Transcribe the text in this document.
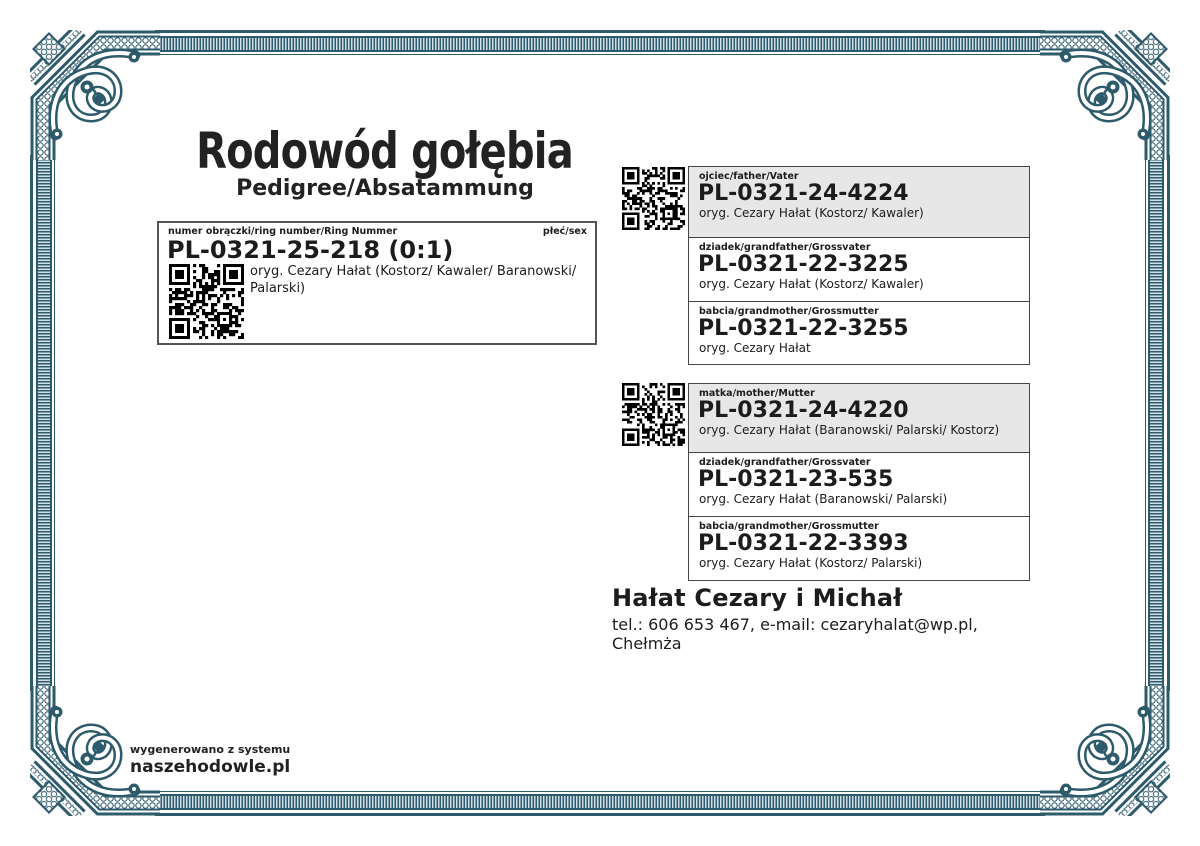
Rodowód gołębia
Pedigree/Absatammung
numer obrączki/ring number/Ring Nummer	płeć/sex
PL-0321-25-218 (0:1)
oryg. Cezary Hałat (Kostorz/ Kawaler/ Baranowski/ Palarski)
ojciec/father/Vater
PL-0321-24-4224
oryg. Cezary Hałat (Kostorz/ Kawaler)
dziadek/grandfather/Grossvater
PL-0321-22-3225
oryg. Cezary Hałat (Kostorz/ Kawaler)
babcia/grandmother/Grossmutter
PL-0321-22-3255
oryg. Cezary Hałat
matka/mother/Mutter
PL-0321-24-4220
oryg. Cezary Hałat (Baranowski/ Palarski/ Kostorz)
dziadek/grandfather/Grossvater
PL-0321-23-535
oryg. Cezary Hałat (Baranowski/ Palarski)
babcia/grandmother/Grossmutter
PL-0321-22-3393
oryg. Cezary Hałat (Kostorz/ Palarski)
Hałat Cezary i Michał
tel.: 606 653 467, e-mail: cezaryhalat@wp.pl, Chełmża
wygenerowano z systemu
naszehodowle.pl
